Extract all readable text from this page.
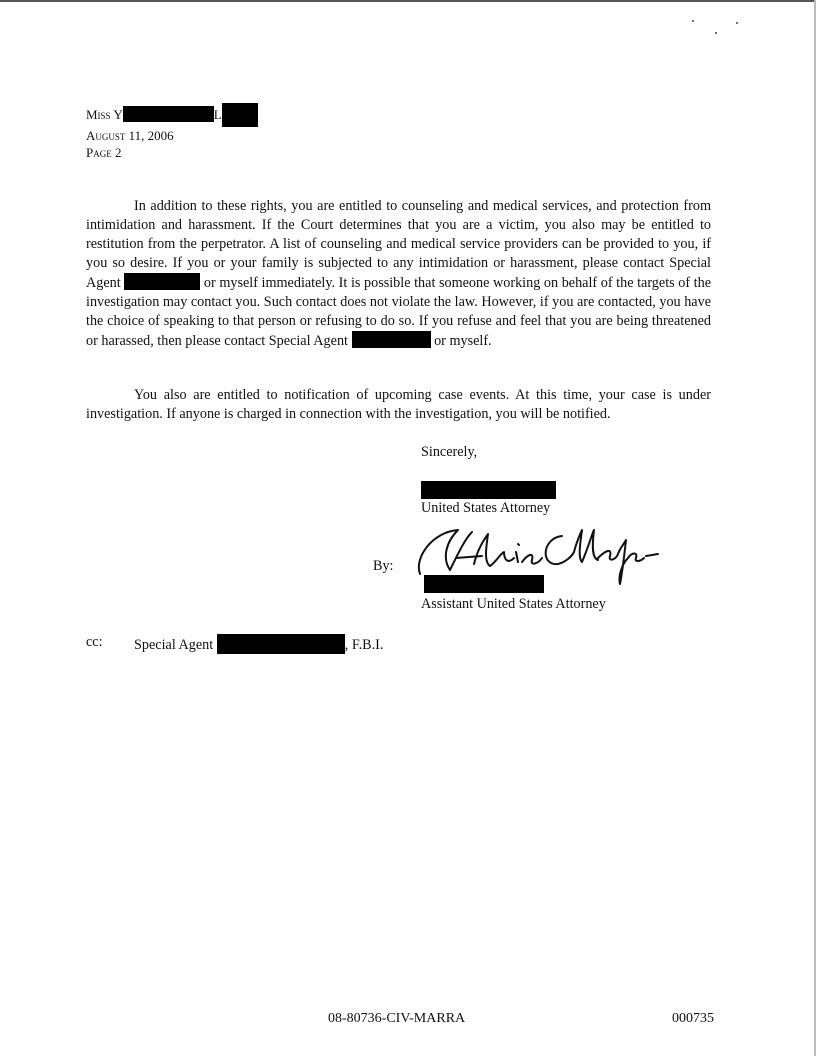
Miss Y	L
August 11, 2006
Page 2

In addition to these rights, you are entitled to counseling and medical services, and protection from intimidation and harassment. If the Court determines that you are a victim, you also may be entitled to restitution from the perpetrator. A list of counseling and medical service providers can be provided to you, if you so desire. If you or your family is subjected to any intimidation or harassment, please contact Special Agent	or myself immediately. It is possible that someone working on behalf of the targets of the investigation may contact you. Such contact does not violate the law. However, if you are contacted, you have the choice of speaking to that person or refusing to do so. If you refuse and feel that you are being threatened or harassed, then please contact Special Agent	or myself.

You also are entitled to notification of upcoming case events. At this time, your case is under investigation. If anyone is charged in connection with the investigation, you will be notified.

Sincerely,
United States Attorney
By:
Assistant United States Attorney
cc: Special Agent	, F.B.I.
08-80736-CIV-MARRA	000735
